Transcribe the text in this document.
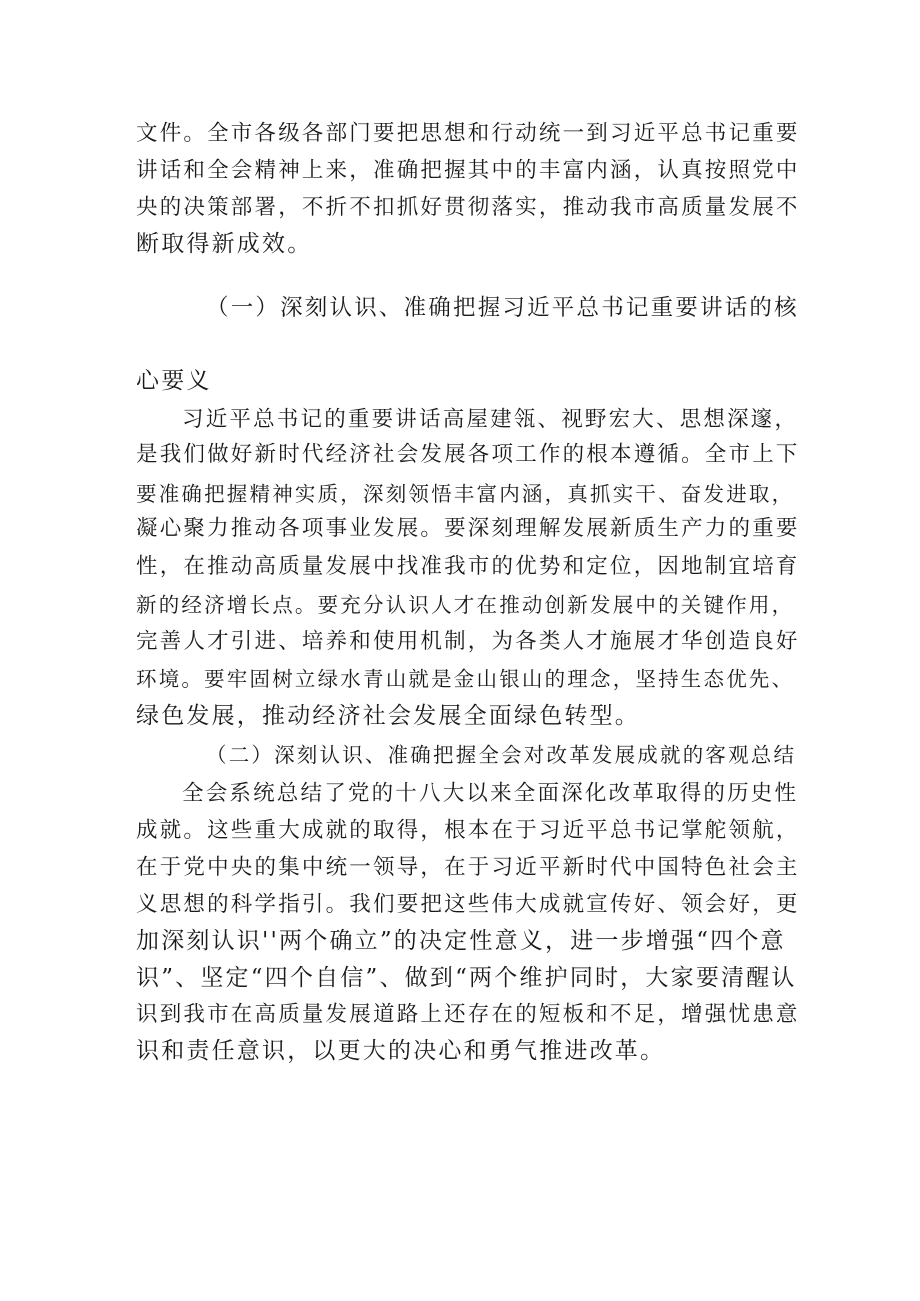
文件。全市各级各部门要把思想和行动统一到习近平总书记重要
讲话和全会精神上来，准确把握其中的丰富内涵，认真按照党中
央的决策部署，不折不扣抓好贯彻落实，推动我市高质量发展不
断取得新成效。
（一）深刻认识、准确把握习近平总书记重要讲话的核
心要义
习近平总书记的重要讲话高屋建瓴、视野宏大、思想深邃，
是我们做好新时代经济社会发展各项工作的根本遵循。全市上下
要准确把握精神实质，深刻领悟丰富内涵，真抓实干、奋发进取，
凝心聚力推动各项事业发展。要深刻理解发展新质生产力的重要
性，在推动高质量发展中找准我市的优势和定位，因地制宜培育
新的经济增长点。要充分认识人才在推动创新发展中的关键作用，
完善人才引进、培养和使用机制，为各类人才施展才华创造良好
环境。要牢固树立绿水青山就是金山银山的理念，坚持生态优先、
绿色发展，推动经济社会发展全面绿色转型。
（二）深刻认识、准确把握全会对改革发展成就的客观总结
全会系统总结了党的十八大以来全面深化改革取得的历史性
成就。这些重大成就的取得，根本在于习近平总书记掌舵领航，
在于党中央的集中统一领导，在于习近平新时代中国特色社会主
义思想的科学指引。我们要把这些伟大成就宣传好、领会好，更
加深刻认识''两个确立”的决定性意义，进一步增强“四个意
识”、坚定“四个自信”、做到“两个维护同时，大家要清醒认
识到我市在高质量发展道路上还存在的短板和不足，增强忧患意
识和责任意识，以更大的决心和勇气推进改革。
